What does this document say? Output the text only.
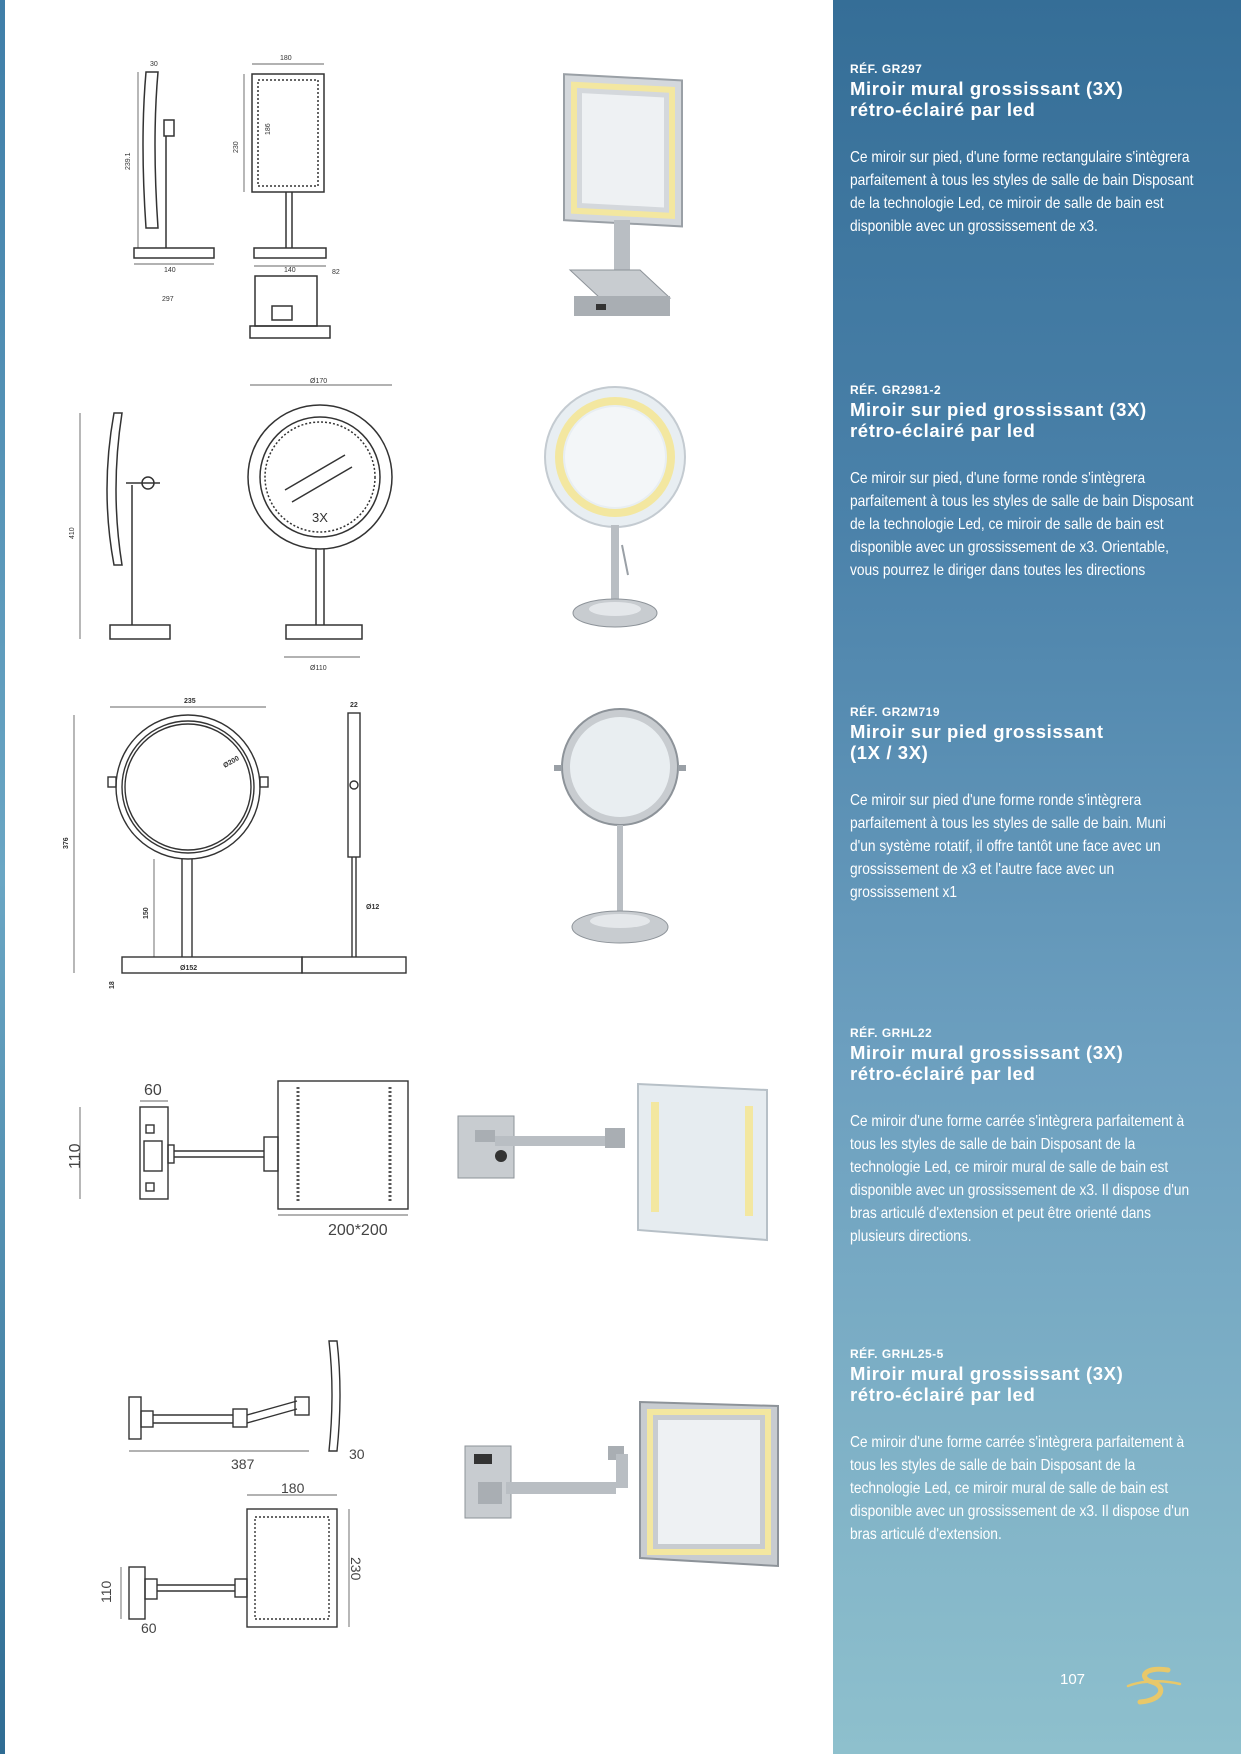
180
30
230
186
239.1
140	140	82
297
Ø170
3X
Ø110
410
235
22
Ø200
376
150	Ø12
18
Ø152
60
110
200*200
387
30
180
230
110
60
RÉF. GR297
Miroir mural grossissant (3X)
rétro-éclairé par led
Ce miroir sur pied, d'une forme rectangulaire s'intègrera parfaitement à tous les styles de salle de bain Disposant de la technologie Led, ce miroir de salle de bain est disponible avec un grossissement de x3.
RÉF. GR2981-2
Miroir sur pied grossissant (3X)
rétro-éclairé par led
Ce miroir sur pied, d'une forme ronde s'intègrera parfaitement à tous les styles de salle de bain Disposant de la technologie Led, ce miroir de salle de bain est disponible avec un grossissement de x3. Orientable, vous pourrez le diriger dans toutes les directions
RÉF. GR2M719
Miroir sur pied grossissant
(1X / 3X)
Ce miroir sur pied d'une forme ronde s'intègrera parfaitement à tous les styles de salle de bain. Muni d'un système rotatif, il offre tantôt une face avec un grossissement de x3 et l'autre face avec un grossissement x1
RÉF. GRHL22
Miroir mural grossissant (3X)
rétro-éclairé par led
Ce miroir d'une forme carrée s'intègrera parfaitement à tous les styles de salle de bain Disposant de la technologie Led, ce miroir mural de salle de bain est disponible avec un grossissement de x3. Il dispose d'un bras articulé d'extension et peut être orienté dans plusieurs directions.
RÉF. GRHL25-5
Miroir mural grossissant (3X)
rétro-éclairé par led
Ce miroir d'une forme carrée s'intègrera parfaitement à tous les styles de salle de bain Disposant de la technologie Led, ce miroir mural de salle de bain est disponible avec un grossissement de x3. Il dispose d'un bras articulé d'extension.
107
